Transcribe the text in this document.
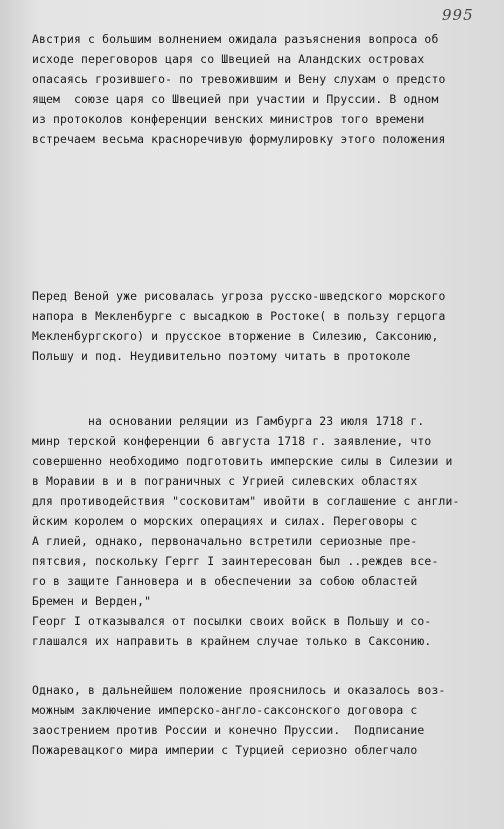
995
Австрия с большим волнением ожидала разъяснения вопроса об
исходе переговоров царя со Швецией на Аландских островах
опасаясь грозившего- по тревожившим и Вену слухам о предсто
ящем  союзе царя со Швецией при участии и Пруссии. В одном
из протоколов конференции венских министров того времени
встречаем весьма красноречивую формулировку этого положения
Перед Веной уже рисовалась угроза русско-шведского морского
напора в Мекленбурге с высадкою в Ростоке( в пользу герцога
Мекленбургского) и прусское вторжение в Силезию, Саксонию,
Польшу и под. Неудивительно поэтому читать в протоколе
на основании реляции из Гамбурга 23 июля 1718 г.
минр терской конференции 6 августа 1718 г. заявление, что
совершенно необходимо подготовить имперские силы в Силезии и
в Моравии в и в пограничных с Угрией силевских областях
для противодействия "сосковитам" ивойти в соглашение с англи-
йским королем о морских операциях и силах. Переговоры с
А глией, однако, первоначально встретили сериозные пре-
пятсвия, поскольку Герrг I заинтересован был ..реждев все-
го в защите Ганновера и в обеспечении за собою областей
Бремен и Верден,"
Георг I отказывался от посылки своих войск в Польшу и со-
глашался их направить в крайнем случае только в Саксонию.
Однако, в дальнейшем положение прояснилось и оказалось воз-
можным заключение имперско-англо-саксонского договора с
заострением против России и конечно Пруссии.  Подписание
Пожаревацкого мира империи с Турцией сериозно облегчало
